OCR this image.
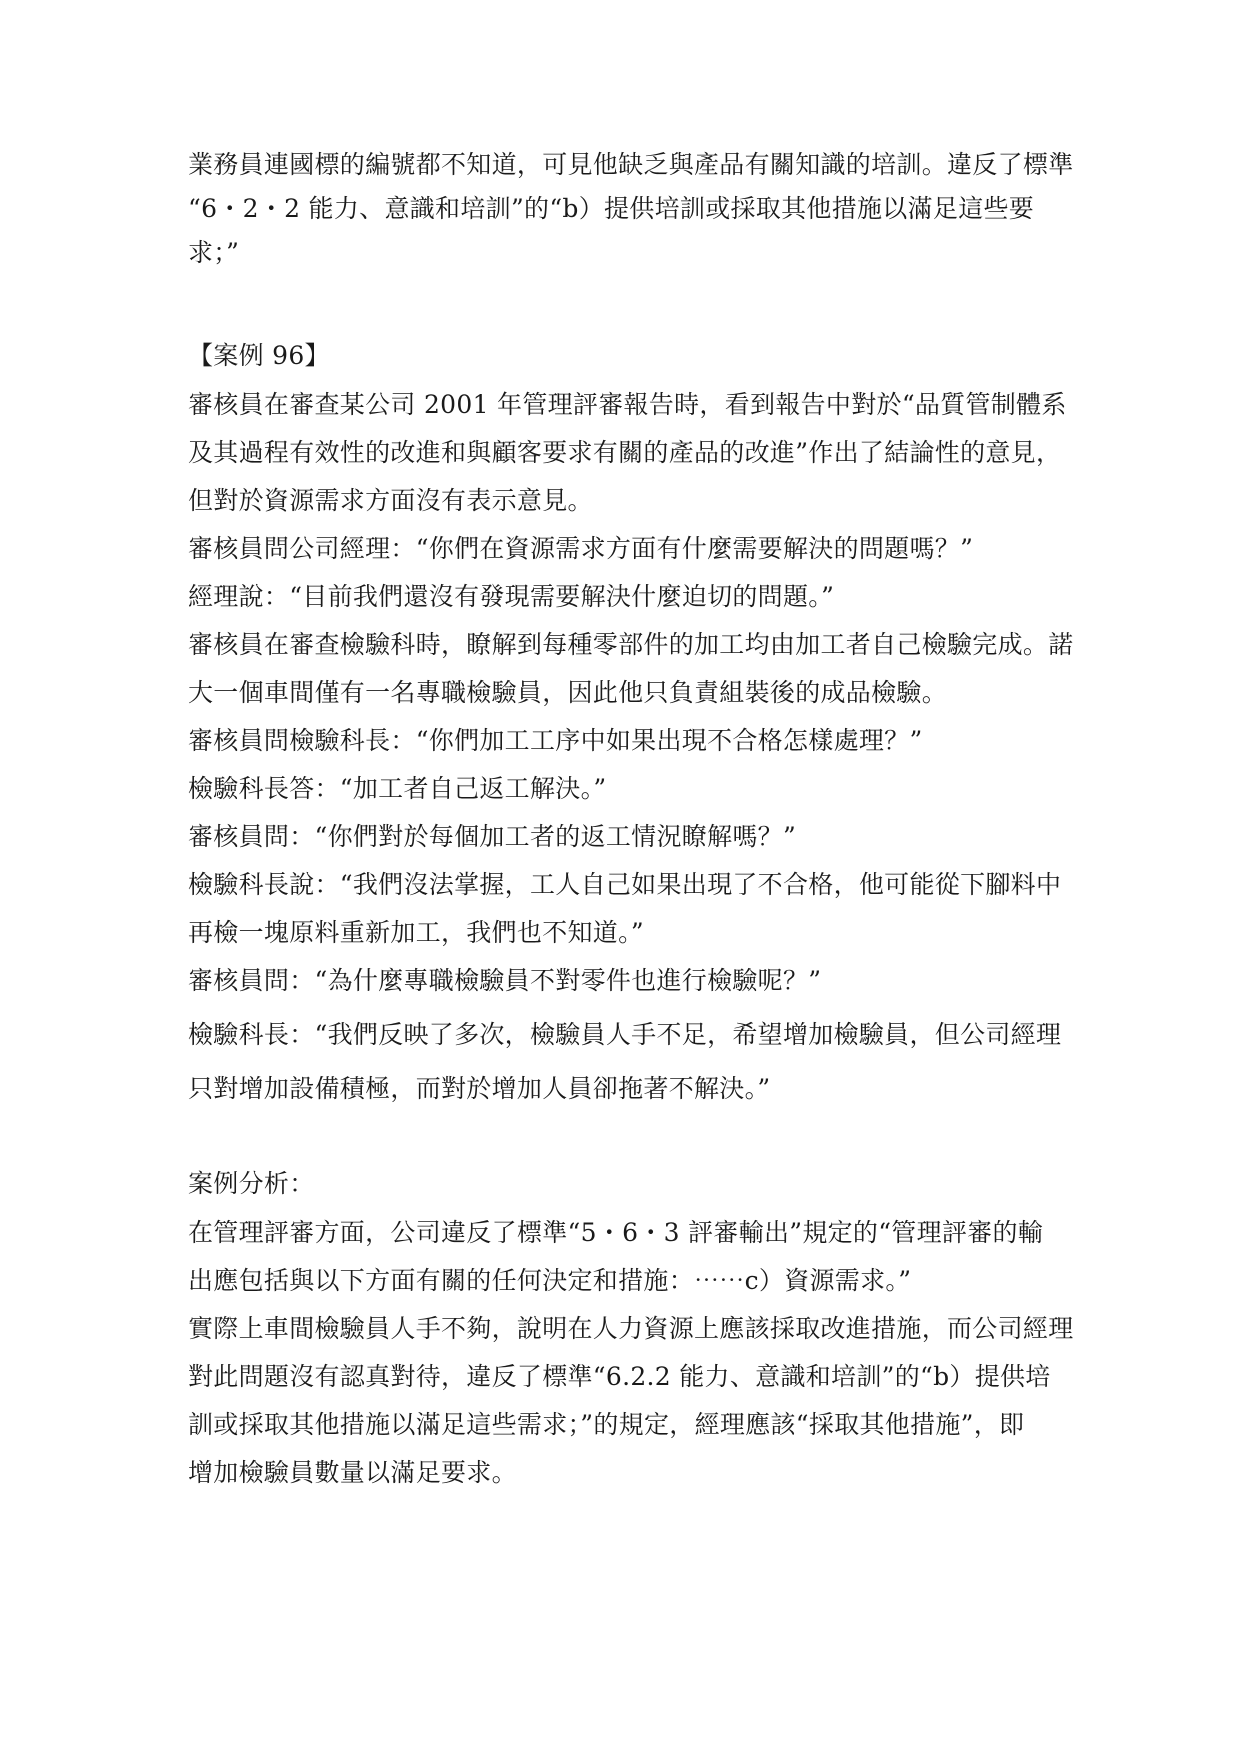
業務員連國標的編號都不知道，可見他缺乏與產品有關知識的培訓。違反了標準
“6・2・2 能力、意識和培訓”的“b）提供培訓或採取其他措施以滿足這些要
求；”
【案例 96】
審核員在審查某公司 2001 年管理評審報告時，看到報告中對於“品質管制體系
及其過程有效性的改進和與顧客要求有關的產品的改進”作出了結論性的意見，
但對於資源需求方面沒有表示意見。
審核員問公司經理：“你們在資源需求方面有什麼需要解決的問題嗎？”
經理說：“目前我們還沒有發現需要解決什麼迫切的問題。”
審核員在審查檢驗科時，瞭解到每種零部件的加工均由加工者自己檢驗完成。諾
大一個車間僅有一名專職檢驗員，因此他只負責組裝後的成品檢驗。
審核員問檢驗科長：“你們加工工序中如果出現不合格怎樣處理？”
檢驗科長答：“加工者自己返工解決。”
審核員問：“你們對於每個加工者的返工情況瞭解嗎？”
檢驗科長說：“我們沒法掌握，工人自己如果出現了不合格，他可能從下腳料中
再檢一塊原料重新加工，我們也不知道。”
審核員問：“為什麼專職檢驗員不對零件也進行檢驗呢？”
檢驗科長：“我們反映了多次，檢驗員人手不足，希望增加檢驗員，但公司經理
只對增加設備積極，而對於增加人員卻拖著不解決。”
案例分析：
在管理評審方面，公司違反了標準“5・6・3 評審輸出”規定的“管理評審的輸
出應包括與以下方面有關的任何決定和措施：⋯⋯c）資源需求。”
實際上車間檢驗員人手不夠，說明在人力資源上應該採取改進措施，而公司經理
對此問題沒有認真對待，違反了標準“6.2.2 能力、意識和培訓”的“b）提供培
訓或採取其他措施以滿足這些需求；”的規定，經理應該“採取其他措施”，即
增加檢驗員數量以滿足要求。
